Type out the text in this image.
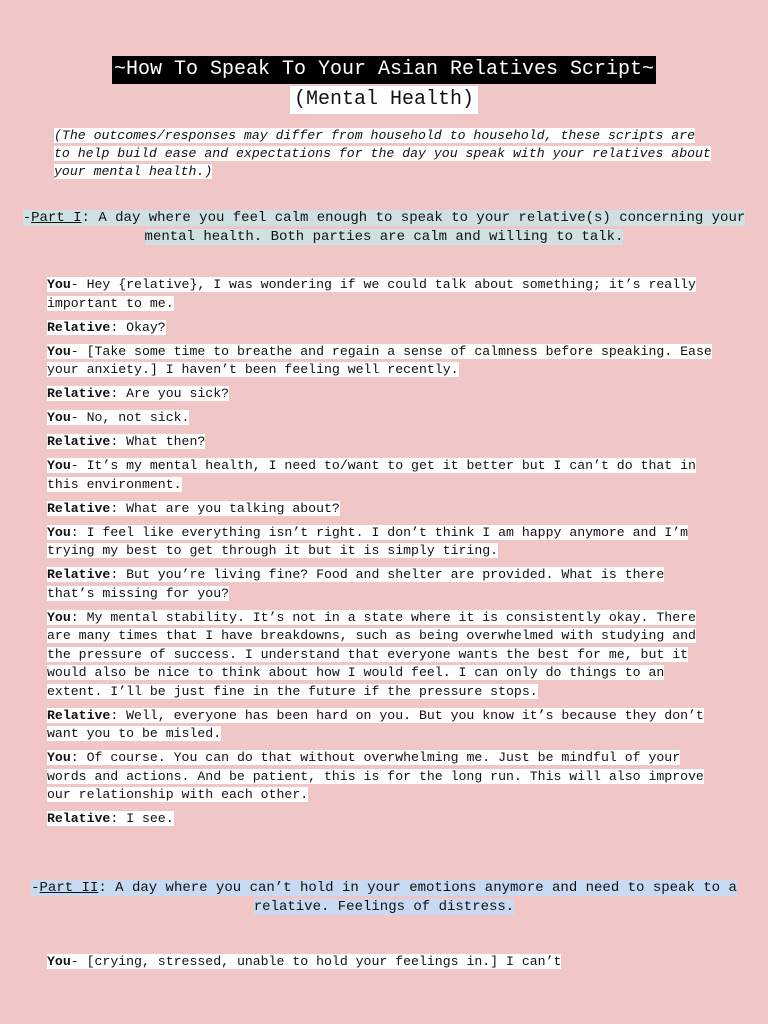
~How To Speak To Your Asian Relatives Script~
(Mental Health)
(The outcomes/responses may differ from household to household, these scripts are to help build ease and expectations for the day you speak with your relatives about your mental health.)
-Part I: A day where you feel calm enough to speak to your relative(s) concerning your mental health. Both parties are calm and willing to talk.
You- Hey {relative}, I was wondering if we could talk about something; it’s really important to me.
Relative: Okay?
You- [Take some time to breathe and regain a sense of calmness before speaking. Ease your anxiety.] I haven’t been feeling well recently.
Relative: Are you sick?
You- No, not sick.
Relative: What then?
You- It’s my mental health, I need to/want to get it better but I can’t do that in this environment.
Relative: What are you talking about?
You: I feel like everything isn’t right. I don’t think I am happy anymore and I’m trying my best to get through it but it is simply tiring.
Relative: But you’re living fine? Food and shelter are provided. What is there that’s missing for you?
You: My mental stability. It’s not in a state where it is consistently okay. There are many times that I have breakdowns, such as being overwhelmed with studying and the pressure of success. I understand that everyone wants the best for me, but it would also be nice to think about how I would feel. I can only do things to an extent. I’ll be just fine in the future if the pressure stops.
Relative: Well, everyone has been hard on you. But you know it’s because they don’t want you to be misled.
You: Of course. You can do that without overwhelming me. Just be mindful of your words and actions. And be patient, this is for the long run. This will also improve our relationship with each other.
Relative: I see.
-Part II: A day where you can’t hold in your emotions anymore and need to speak to a relative. Feelings of distress.
You- [crying, stressed, unable to hold your feelings in.] I can’t
